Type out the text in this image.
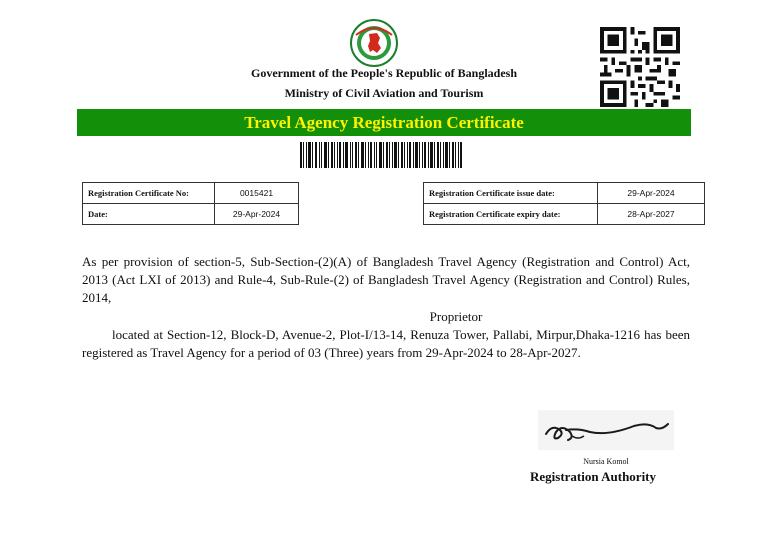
Government of the People's Republic of Bangladesh
Ministry of Civil Aviation and Tourism
Travel Agency Registration Certificate
Registration Certificate No:	0015421
Date:	29-Apr-2024
Registration Certificate issue date:	29-Apr-2024
Registration Certificate expiry date:	28-Apr-2027

As per provision of section-5, Sub-Section-(2)(A) of Bangladesh Travel Agency (Registration and Control) Act, 2013 (Act LXI of 2013) and Rule-4, Sub-Rule-(2) of Bangladesh Travel Agency (Registration and Control) Rules, 2014,

Proprietor

located at Section-12, Block-D, Avenue-2, Plot-I/13-14, Renuza Tower, Pallabi, Mirpur,Dhaka-1216 has been registered as Travel Agency for a period of 03 (Three) years from 29-Apr-2024 to 28-Apr-2027.

Nursia Komol
Registration Authority
